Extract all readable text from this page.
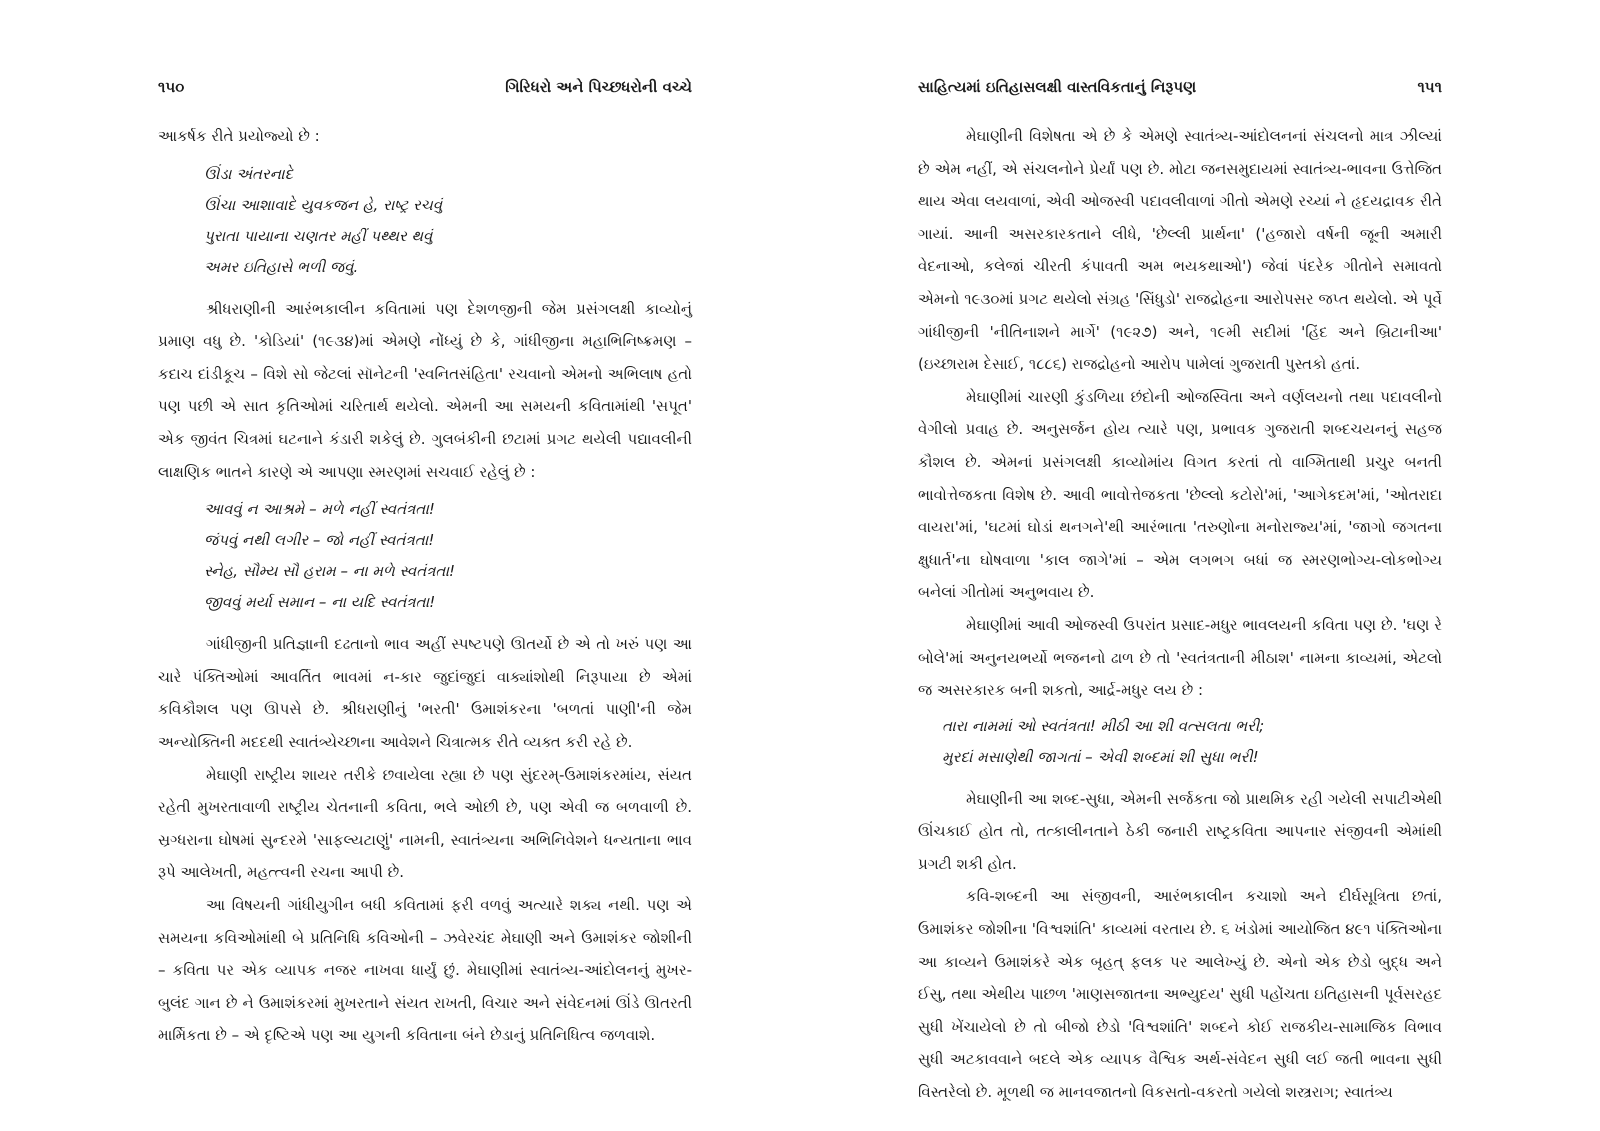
૧૫૦	ગિરિધરો અને પિચ્છધરોની વચ્ચે

આકર્ષક રીતે પ્રયોજ્યો છે :

ઊંડા અંતરનાદે
ઊંચા આશાવાદે યુવકજન હે, રાષ્ટ્ર રચવું
પુરાતા પાયાના ચણતર મહીં પથ્થર થવું
અમર ઇતિહાસે ભળી જવું.

શ્રીધરાણીની આરંભકાલીન કવિતામાં પણ દેશળજીની જેમ પ્રસંગલક્ષી કાવ્યોનું પ્રમાણ વધુ છે. 'કોડિયાં' (૧૯૩૪)માં એમણે નોંધ્યું છે કે, ગાંધીજીના મહાભિનિષ્ક્રમણ – કદાચ દાંડીકૂચ – વિશે સો જેટલાં સૉનેટની 'સ્વનિતસંહિતા' રચવાનો એમનો અભિલાષ હતો પણ પછી એ સાત કૃતિઓમાં ચરિતાર્થ થયેલો. એમની આ સમયની કવિતામાંથી 'સપૂત' એક જીવંત ચિત્રમાં ઘટનાને કંડારી શકેલું છે. ગુલબંકીની છટામાં પ્રગટ થયેલી પદ્યાવલીની લાક્ષણિક ભાતને કારણે એ આપણા સ્મરણમાં સચવાઈ રહેલું છે :

આવવું ન આશ્રમે – મળે નહીં સ્વતંત્રતા!
જંપવું નથી લગીર – જો નહીં સ્વતંત્રતા!
સ્નેહ, સૌમ્ય સૌ હરામ – ના મળે સ્વતંત્રતા!
જીવવું મર્યા સમાન – ના યદિ સ્વતંત્રતા!

ગાંધીજીની પ્રતિજ્ઞાની દઢતાનો ભાવ અહીં સ્પષ્ટપણે ઊતર્યો છે એ તો ખરું પણ આ ચારે પંક્તિઓમાં આવર્તિત ભાવમાં ન-કાર જુદાંજુદાં વાક્યાંશોથી નિરૂપાયા છે એમાં કવિકૌશલ પણ ઊપસે છે. શ્રીધરાણીનું 'ભરતી' ઉમાશંકરના 'બળતાં પાણી'ની જેમ અન્યોક્તિની મદદથી સ્વાતંત્ર્યેચ્છાના આવેશને ચિત્રાત્મક રીતે વ્યક્ત કરી રહે છે.

મેઘાણી રાષ્ટ્રીય શાયર તરીકે છવાયેલા રહ્યા છે પણ સુંદરમ્-ઉમાશંકરમાંય, સંયત રહેતી મુખરતાવાળી રાષ્ટ્રીય ચેતનાની કવિતા, ભલે ઓછી છે, પણ એવી જ બળવાળી છે. સ્રગ્ધરાના ઘોષમાં સુન્દરમે 'સાફલ્યટાણું' નામની, સ્વાતંત્ર્યના અભિનિવેશને ધન્યતાના ભાવ રૂપે આલેખતી, મહત્ત્વની રચના આપી છે.

આ વિષયની ગાંધીયુગીન બધી કવિતામાં ફરી વળવું અત્યારે શક્ય નથી. પણ એ સમયના કવિઓમાંથી બે પ્રતિનિધિ કવિઓની – ઝવેરચંદ મેઘાણી અને ઉમાશંકર જોશીની – કવિતા પર એક વ્યાપક નજર નાખવા ધાર્યું છું. મેઘાણીમાં સ્વાતંત્ર્ય-આંદોલનનું મુખર-બુલંદ ગાન છે ને ઉમાશંકરમાં મુખરતાને સંયત રાખતી, વિચાર અને સંવેદનમાં ઊંડે ઊતરતી માર્મિકતા છે – એ દૃષ્ટિએ પણ આ યુગની કવિતાના બંને છેડાનું પ્રતિનિધિત્વ જળવાશે.

સાહિત્યમાં ઇતિહાસલક્ષી વાસ્તવિકતાનું નિરૂપણ	૧૫૧

મેઘાણીની વિશેષતા એ છે કે એમણે સ્વાતંત્ર્ય-આંદોલનનાં સંચલનો માત્ર ઝીલ્યાં છે એમ નહીં, એ સંચલનોને પ્રેર્યાં પણ છે. મોટા જનસમુદાયમાં સ્વાતંત્ર્ય-ભાવના ઉત્તેજિત થાય એવા લયવાળાં, એવી ઓજસ્વી પદાવલીવાળાં ગીતો એમણે રચ્યાં ને હૃદયદ્રાવક રીતે ગાયાં. આની અસરકારકતાને લીધે, 'છેલ્લી પ્રાર્થના' ('હજારો વર્ષની જૂની અમારી વેદનાઓ, કલેજાં ચીરતી કંપાવતી અમ ભયકથાઓ') જેવાં પંદરેક ગીતોને સમાવતો એમનો ૧૯૩૦માં પ્રગટ થયેલો સંગ્રહ 'સિંધુડો' રાજદ્રોહના આરોપસર જપ્ત થયેલો. એ પૂર્વે ગાંધીજીની 'નીતિનાશને માર્ગે' (૧૯૨૭) અને, ૧૯મી સદીમાં 'હિંદ અને બ્રિટાનીઆ' (ઇચ્છારામ દેસાઈ, ૧૮૮૬) રાજદ્રોહનો આરોપ પામેલાં ગુજરાતી પુસ્તકો હતાં.

મેઘાણીમાં ચારણી કુંડળિયા છંદોની ઓજસ્વિતા અને વર્ણલયનો તથા પદાવલીનો વેગીલો પ્રવાહ છે. અનુસર્જન હોય ત્યારે પણ, પ્રભાવક ગુજરાતી શબ્દચયનનું સહજ કૌશલ છે. એમનાં પ્રસંગલક્ષી કાવ્યોમાંય વિગત કરતાં તો વાગ્મિતાથી પ્રચુર બનતી ભાવોત્તેજકતા વિશેષ છે. આવી ભાવોત્તેજકતા 'છેલ્લો કટોરો'માં, 'આગેકદમ'માં, 'ઓતરાદા વાયરા'માં, 'ઘટમાં ઘોડાં થનગને'થી આરંભાતા 'તરુણોના મનોરાજ્ય'માં, 'જાગો જગતના ક્ષુધાર્ત'ના ઘોષવાળા 'કાલ જાગે'માં – એમ લગભગ બધાં જ સ્મરણભોગ્ય-લોકભોગ્ય બનેલાં ગીતોમાં અનુભવાય છે.

મેઘાણીમાં આવી ઓજસ્વી ઉપરાંત પ્રસાદ-મધુર ભાવલયની કવિતા પણ છે. 'ઘણ રે બોલે'માં અનુનયભર્યો ભજનનો ઢાળ છે તો 'સ્વતંત્રતાની મીઠાશ' નામના કાવ્યમાં, એટલો જ અસરકારક બની શકતો, આર્દ્ર-મધુર લય છે :

તારા નામમાં ઓ સ્વતંત્રતા! મીઠી આ શી વત્સલતા ભરી;
મુરદાં મસાણેથી જાગતાં – એવી શબ્દમાં શી સુધા ભરી!

મેઘાણીની આ શબ્દ-સુધા, એમની સર્જકતા જો પ્રાથમિક રહી ગયેલી સપાટીએથી ઊંચકાઈ હોત તો, તત્કાલીનતાને ઠેકી જનારી રાષ્ટ્રકવિતા આપનાર સંજીવની એમાંથી પ્રગટી શકી હોત.

કવિ-શબ્દની આ સંજીવની, આરંભકાલીન કચાશો અને દીર્ઘસૂત્રિતા છતાં, ઉમાશંકર જોશીના 'વિશ્વશાંતિ' કાવ્યમાં વરતાય છે. ૬ ખંડોમાં આયોજિત ૪૯૧ પંક્તિઓના આ કાવ્યને ઉમાશંકરે એક બૃહત્ ફલક પર આલેખ્યું છે. એનો એક છેડો બુદ્ધ અને ઈસુ, તથા એથીય પાછળ 'માણસજાતના અભ્યુદય' સુધી પહોંચતા ઇતિહાસની પૂર્વસરહદ સુધી ખેંચાયેલો છે તો બીજો છેડો 'વિશ્વશાંતિ' શબ્દને કોઈ રાજકીય-સામાજિક વિભાવ સુધી અટકાવવાને બદલે એક વ્યાપક વૈશ્વિક અર્થ-સંવેદન સુધી લઈ જતી ભાવના સુધી વિસ્તરેલો છે. મૂળથી જ માનવજાતનો વિકસતો-વકરતો ગયેલો શસ્ત્રરાગ; સ્વાતંત્ર્ય
